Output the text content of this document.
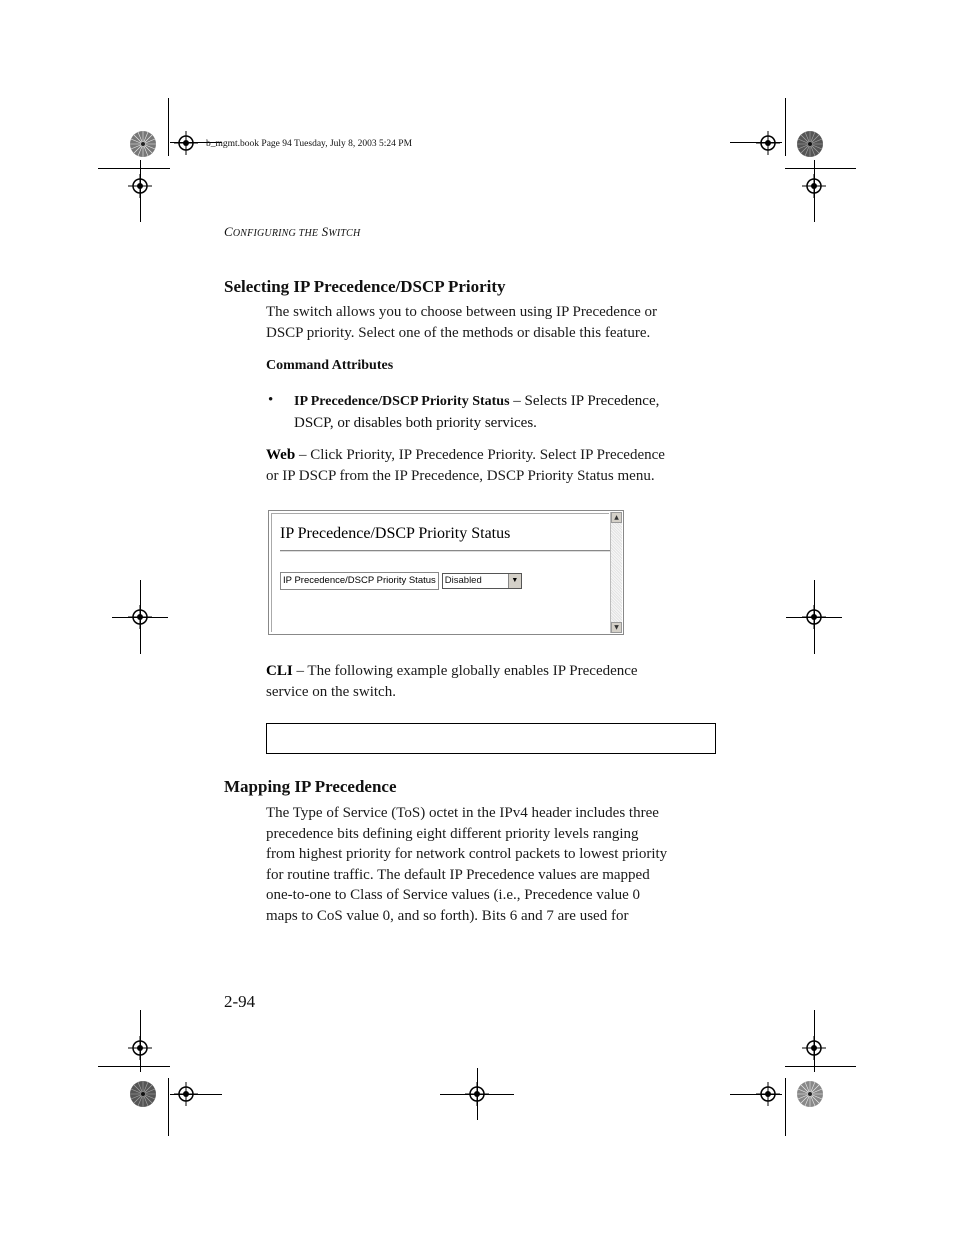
b_mgmt.book Page 94 Tuesday, July 8, 2003 5:24 PM
CONFIGURING THE SWITCH
Selecting IP Precedence/DSCP Priority
The switch allows you to choose between using IP Precedence or
DSCP priority. Select one of the methods or disable this feature.
Command Attributes
• IP Precedence/DSCP Priority Status – Selects IP Precedence,
DSCP, or disables both priority services.
Web – Click Priority, IP Precedence Priority. Select IP Precedence
or IP DSCP from the IP Precedence, DSCP Priority Status menu.
IP Precedence/DSCP Priority Status
IP Precedence/DSCP Priority Status Disabled	▼
▲
▼
CLI – The following example globally enables IP Precedence
service on the switch.
Mapping IP Precedence
The Type of Service (ToS) octet in the IPv4 header includes three
precedence bits defining eight different priority levels ranging
from highest priority for network control packets to lowest priority
for routine traffic. The default IP Precedence values are mapped
one-to-one to Class of Service values (i.e., Precedence value 0
maps to CoS value 0, and so forth). Bits 6 and 7 are used for
2-94
